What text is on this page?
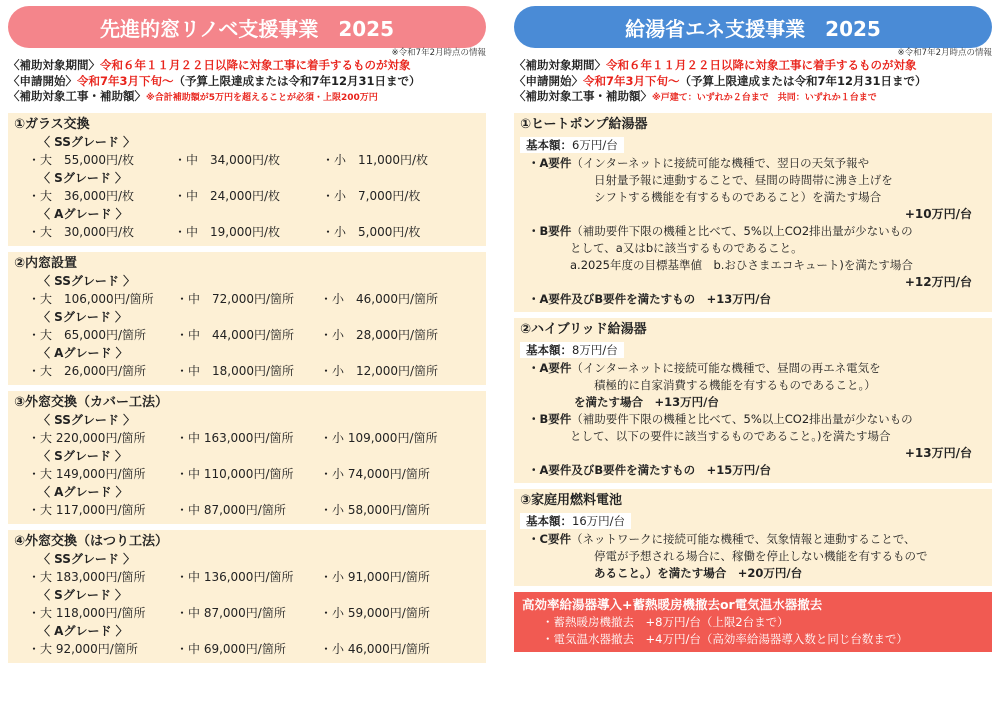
先進的窓リノベ支援事業　2025
※令和7年2月時点の情報
〈補助対象期間〉令和６年１１月２２日以降に対象工事に着手するものが対象
〈申請開始〉令和7年3月下旬〜（予算上限達成または令和7年12月31日まで）
〈補助対象工事・補助額〉※合計補助額が5万円を超えることが必須・上限200万円
①ガラス交換
〈 SSグレード 〉
・大　55,000円/枚	・中　34,000円/枚	・小　11,000円/枚
〈 Sグレード 〉
・大　36,000円/枚	・中　24,000円/枚	・小　7,000円/枚
〈 Aグレード 〉
・大　30,000円/枚	・中　19,000円/枚	・小　5,000円/枚
②内窓設置
〈 SSグレード 〉
・大　106,000円/箇所	・中　72,000円/箇所	・小　46,000円/箇所
〈 Sグレード 〉
・大　65,000円/箇所	・中　44,000円/箇所	・小　28,000円/箇所
〈 Aグレード 〉
・大　26,000円/箇所	・中　18,000円/箇所	・小　12,000円/箇所
③外窓交換（カバー工法）
〈 SSグレード 〉
・大 220,000円/箇所	・中 163,000円/箇所	・小 109,000円/箇所
〈 Sグレード 〉
・大 149,000円/箇所	・中 110,000円/箇所	・小 74,000円/箇所
〈 Aグレード 〉
・大 117,000円/箇所	・中 87,000円/箇所	・小 58,000円/箇所
④外窓交換（はつり工法）
〈 SSグレード 〉
・大 183,000円/箇所	・中 136,000円/箇所	・小 91,000円/箇所
〈 Sグレード 〉
・大 118,000円/箇所	・中 87,000円/箇所	・小 59,000円/箇所
〈 Aグレード 〉
・大 92,000円/箇所	・中 69,000円/箇所	・小 46,000円/箇所
給湯省エネ支援事業　2025
※令和7年2月時点の情報
〈補助対象期間〉令和６年１１月２２日以降に対象工事に着手するものが対象
〈申請開始〉令和7年3月下旬〜（予算上限達成または令和7年12月31日まで）
〈補助対象工事・補助額〉※戸建て：いずれか２台まで　共同：いずれか１台まで
①ヒートポンプ給湯器
基本額：6万円/台
・A要件（インターネットに接続可能な機種で、翌日の天気予報や
日射量予報に連動することで、昼間の時間帯に沸き上げを
シフトする機能を有するものであること）を満たす場合
+10万円/台
・B要件（補助要件下限の機種と比べて、5%以上CO2排出量が少ないもの
として、a又はbに該当するものであること。
a.2025年度の目標基準値　b.おひさまエコキュート)を満たす場合
+12万円/台
・A要件及びB要件を満たすもの　+13万円/台
②ハイブリッド給湯器
基本額：8万円/台
・A要件（インターネットに接続可能な機種で、昼間の再エネ電気を
積極的に自家消費する機能を有するものであること。）
を満たす場合　+13万円/台
・B要件（補助要件下限の機種と比べて、5%以上CO2排出量が少ないもの
として、以下の要件に該当するものであること。)を満たす場合
+13万円/台
・A要件及びB要件を満たすもの　+15万円/台
③家庭用燃料電池
基本額：16万円/台
・C要件（ネットワークに接続可能な機種で、気象情報と連動することで、
停電が予想される場合に、稼働を停止しない機能を有するもので
あること。）を満たす場合　+20万円/台
高効率給湯器導入+蓄熱暖房機撤去or電気温水器撤去
・蓄熱暖房機撤去　+8万円/台（上限2台まで）
・電気温水器撤去　+4万円/台（高効率給湯器導入数と同じ台数まで）
